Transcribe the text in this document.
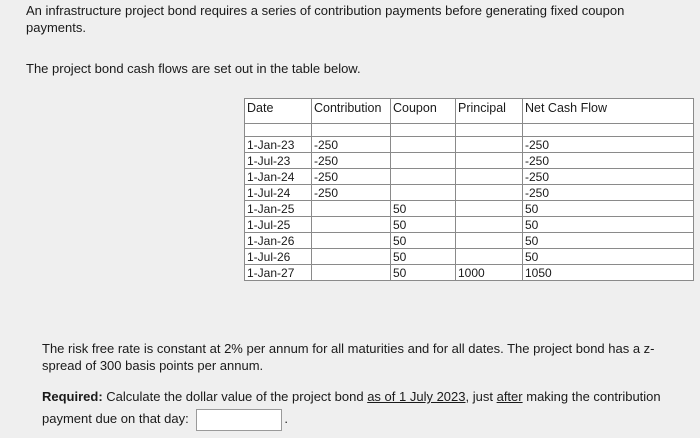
An infrastructure project bond requires a series of contribution payments before generating fixed coupon payments.

The project bond cash flows are set out in the table below.

Date	Contribution	Coupon	Principal	Net Cash Flow

1-Jan-23	-250			-250
1-Jul-23	-250			-250
1-Jan-24	-250			-250
1-Jul-24	-250			-250
1-Jan-25		50		50
1-Jul-25		50		50
1-Jan-26		50		50
1-Jul-26		50		50
1-Jan-27		50	1000	1050

The risk free rate is constant at 2% per annum for all maturities and for all dates. The project bond has a z-spread of 300 basis points per annum.

Required: Calculate the dollar value of the project bond as of 1 July 2023, just after making the contribution payment due on that day:	.
